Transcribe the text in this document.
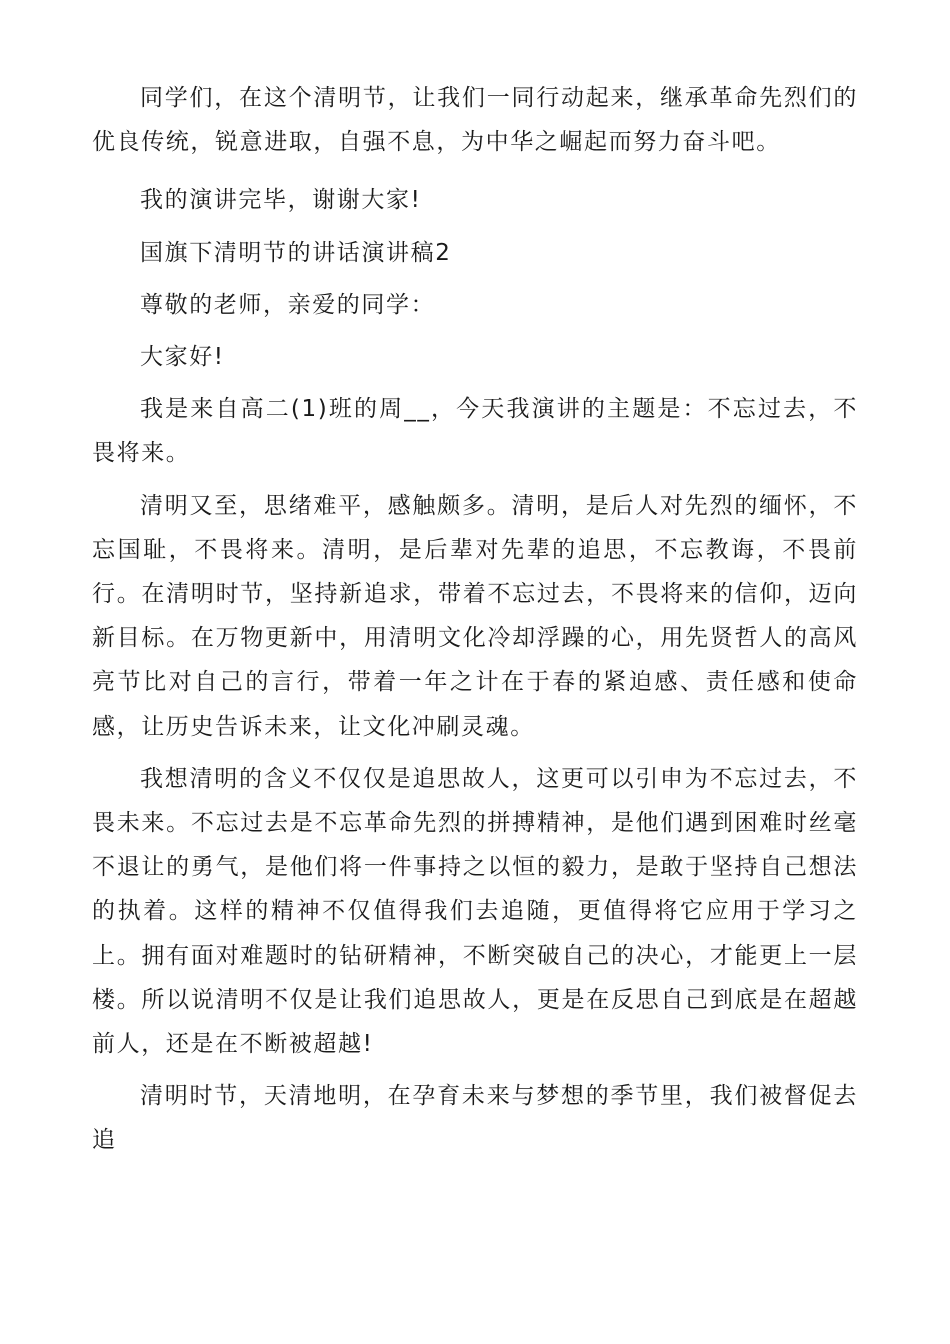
同学们，在这个清明节，让我们一同行动起来，继承革命先烈们的优良传统，锐意进取，自强不息，为中华之崛起而努力奋斗吧。

我的演讲完毕，谢谢大家!

国旗下清明节的讲话演讲稿2

尊敬的老师，亲爱的同学：

大家好!

我是来自高二(1)班的周__，今天我演讲的主题是：不忘过去，不畏将来。

清明又至，思绪难平，感触颇多。清明，是后人对先烈的缅怀，不忘国耻，不畏将来。清明，是后辈对先辈的追思，不忘教诲，不畏前行。在清明时节，坚持新追求，带着不忘过去，不畏将来的信仰，迈向新目标。在万物更新中，用清明文化冷却浮躁的心，用先贤哲人的高风亮节比对自己的言行，带着一年之计在于春的紧迫感、责任感和使命感，让历史告诉未来，让文化冲刷灵魂。

我想清明的含义不仅仅是追思故人，这更可以引申为不忘过去，不畏未来。不忘过去是不忘革命先烈的拼搏精神，是他们遇到困难时丝毫不退让的勇气，是他们将一件事持之以恒的毅力，是敢于坚持自己想法的执着。这样的精神不仅值得我们去追随，更值得将它应用于学习之上。拥有面对难题时的钻研精神，不断突破自己的决心，才能更上一层楼。所以说清明不仅是让我们追思故人，更是在反思自己到底是在超越前人，还是在不断被超越!

清明时节，天清地明，在孕育未来与梦想的季节里，我们被督促去追
